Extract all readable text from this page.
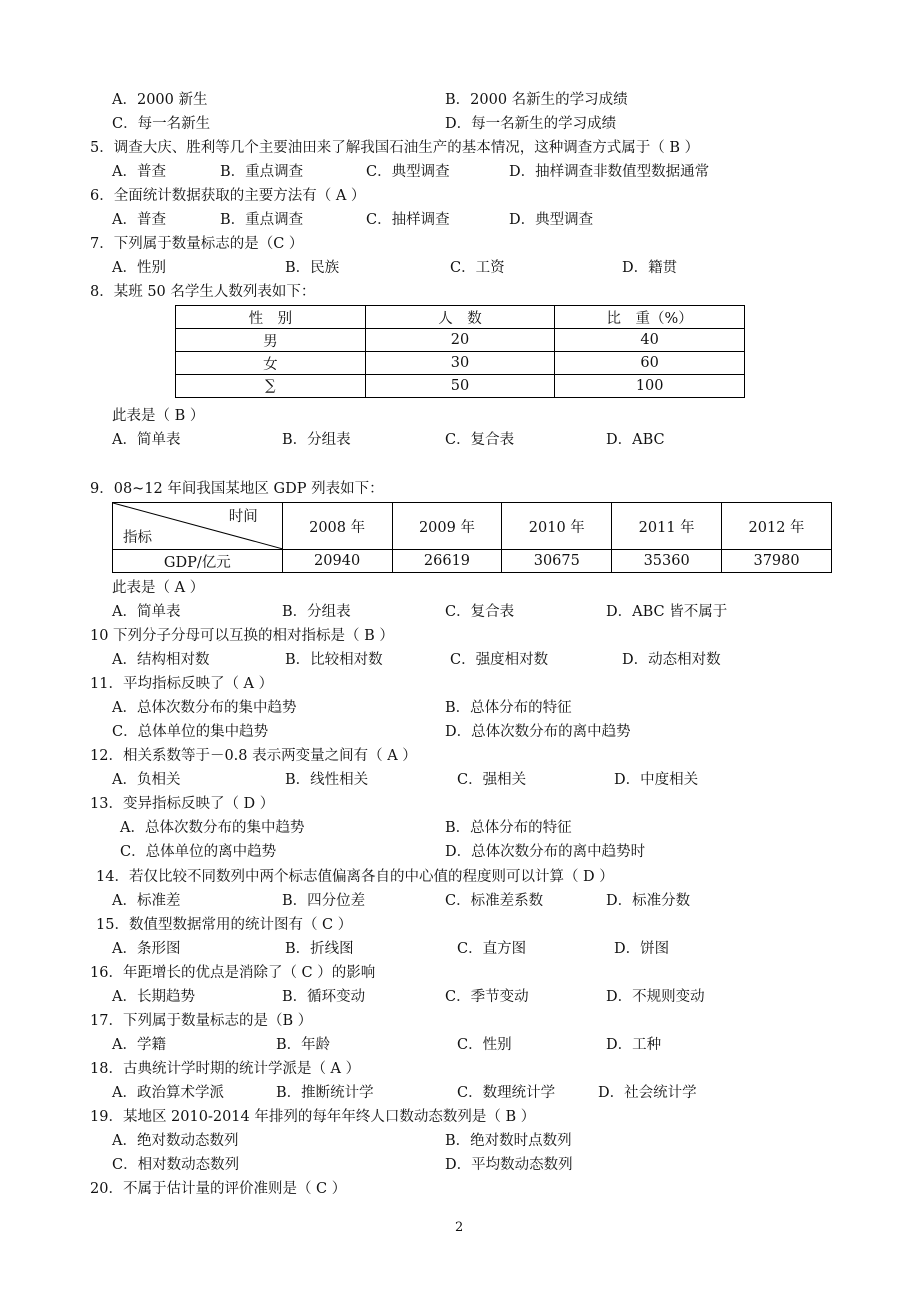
A．2000 新生	B．2000 名新生的学习成绩
C．每一名新生	D．每一名新生的学习成绩
5．调查大庆、胜利等几个主要油田来了解我国石油生产的基本情况，这种调查方式属于（ B ）
A．普查	B．重点调查	C．典型调查	D．抽样调查非数值型数据通常
6．全面统计数据获取的主要方法有（ A ）
A．普查	B．重点调查	C．抽样调查	D．典型调查
7．下列属于数量标志的是（C ）
A．性别	B．民族	C．工资	D．籍贯
8．某班 50 名学生人数列表如下：
性　别	人　数	比　重（%）
男	20	40
女	30	60
∑	50	100
此表是（ B ）
A．简单表	B．分组表	C．复合表	D．ABC
9．08~12 年间我国某地区 GDP 列表如下：
时间
指标	2008 年	2009 年	2010 年	2011 年	2012 年
GDP/亿元	20940	26619	30675	35360	37980
此表是（ A ）
A．简单表	B．分组表	C．复合表	D．ABC 皆不属于
10 下列分子分母可以互换的相对指标是（ B ）
A．结构相对数	B．比较相对数	C．强度相对数	D．动态相对数
11．平均指标反映了（ A ）
A．总体次数分布的集中趋势	B．总体分布的特征
C．总体单位的集中趋势	D．总体次数分布的离中趋势
12．相关系数等于－0.8 表示两变量之间有（ A ）
A．负相关	B．线性相关	C．强相关	D．中度相关
13．变异指标反映了（ D ）
A．总体次数分布的集中趋势	B．总体分布的特征
C．总体单位的离中趋势	D．总体次数分布的离中趋势时
14．若仅比较不同数列中两个标志值偏离各自的中心值的程度则可以计算（ D ）
A．标准差	B．四分位差	C．标准差系数	D．标准分数
15．数值型数据常用的统计图有（ C ）
A．条形图	B．折线图	C．直方图	D．饼图
16．年距增长的优点是消除了（ C ）的影响
A．长期趋势	B．循环变动	C．季节变动	D．不规则变动
17．下列属于数量标志的是（B ）
A．学籍	B．年龄	C．性别	D．工种
18．古典统计学时期的统计学派是（ A ）
A．政治算术学派	B．推断统计学	C．数理统计学	D．社会统计学
19．某地区 2010-2014 年排列的每年年终人口数动态数列是（ B ）
A．绝对数动态数列	B．绝对数时点数列
C．相对数动态数列	D．平均数动态数列
20．不属于估计量的评价准则是（ C ）
2
